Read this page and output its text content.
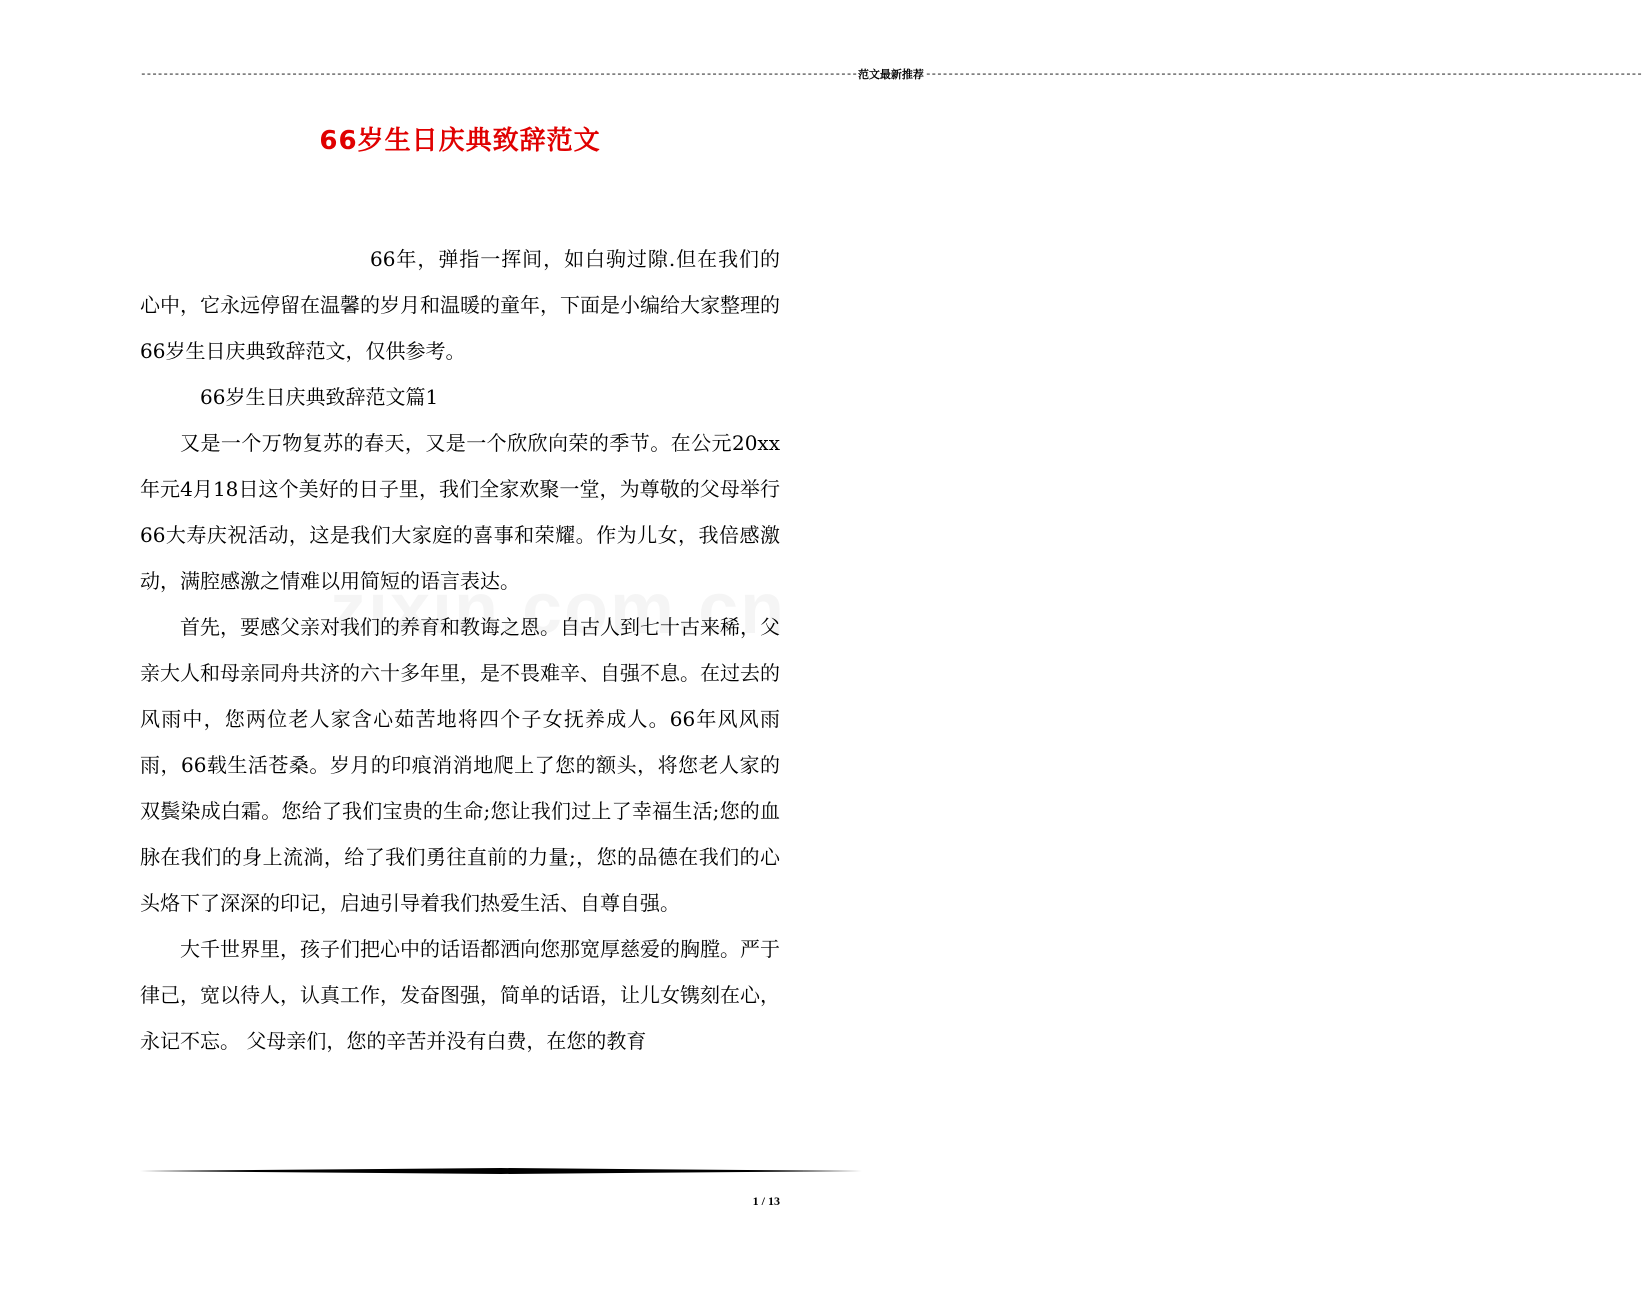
-------------------------------------------------------------------------------------------------------------------------------- 范文最新推荐 --------------------------------------------------------------------------------------------------------------------------------
66岁生日庆典致辞范文

66年，弹指一挥间，如白驹过隙.但在我们的心中，它永远停留在温馨的岁月和温暖的童年，下面是小编给大家整理的66岁生日庆典致辞范文，仅供参考。

66岁生日庆典致辞范文篇1

又是一个万物复苏的春天，又是一个欣欣向荣的季节。在公元20xx年元4月18日这个美好的日子里，我们全家欢聚一堂，为尊敬的父母举行66大寿庆祝活动，这是我们大家庭的喜事和荣耀。作为儿女，我倍感激动，满腔感激之情难以用简短的语言表达。

首先，要感父亲对我们的养育和教诲之恩。自古人到七十古来稀，父亲大人和母亲同舟共济的六十多年里，是不畏难辛、自强不息。在过去的风雨中，您两位老人家含心茹苦地将四个子女抚养成人。66年风风雨雨，66载生活苍桑。岁月的印痕消消地爬上了您的额头，将您老人家的双鬓染成白霜。您给了我们宝贵的生命;您让我们过上了幸福生活;您的血脉在我们的身上流淌，给了我们勇往直前的力量;，您的品德在我们的心头烙下了深深的印记，启迪引导着我们热爱生活、自尊自强。

大千世界里，孩子们把心中的话语都洒向您那宽厚慈爱的胸膛。严于律己，宽以待人，认真工作，发奋图强，简单的话语，让儿女镌刻在心，永记不忘。 父母亲们，您的辛苦并没有白费，在您的教育

1 / 13
